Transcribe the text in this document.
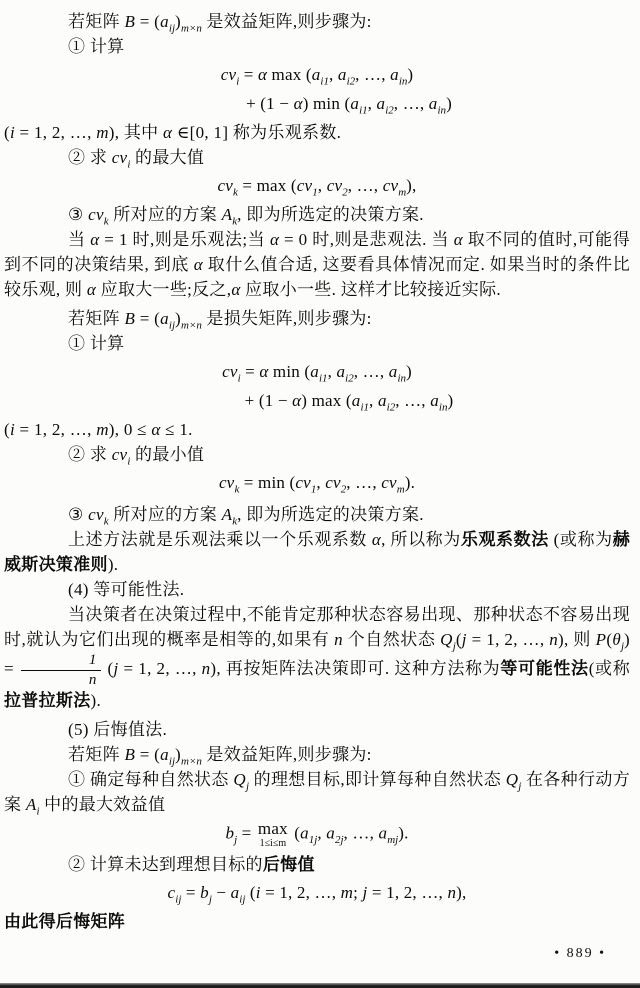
若矩阵 $B = (a_{ij})_{m\times n}$ 是效益矩阵,则步骤为:

① 计算

$cv_i = \alpha$ $\max (a_{i1}$, $a_{i2}$, …, $a_{in}$)
+ (1 − α) $\min (a_{i1}$, $a_{i2}$, …, $a_{in}$)

(i = 1, 2, …, m), 其中 α ∈[0, 1] 称为乐观系数.

② 求 $cv_i$ 的最大值

$cv_k = \max (cv_1$, $cv_2$, …, $cv_m$),

③ $cv_k$ 所对应的方案 $A_k$, 即为所选定的决策方案.

当 α = 1 时,则是乐观法;当 α = 0 时,则是悲观法. 当 α 取不同的值时,可能得到不同的决策结果, 到底 α 取什么值合适, 这要看具体情况而定. 如果当时的条件比较乐观, 则 α 应取大一些;反之,α 应取小一些. 这样才比较接近实际.

若矩阵 $B = (a_{ij})_{m\times n}$ 是损失矩阵,则步骤为:

① 计算

$cv_i = \alpha$ $\min (a_{i1}$, $a_{i2}$, …, $a_{in}$)
+ (1 − α) $\max (a_{i1}$, $a_{i2}$, …, $a_{in}$)

(i = 1, 2, …, m), 0 ≤ α ≤ 1.

② 求 $cv_i$ 的最小值

$cv_k = \min (cv_1$, $cv_2$, …, $cv_m$).

③ $cv_k$ 所对应的方案 $A_k$, 即为所选定的决策方案.

上述方法就是乐观法乘以一个乐观系数 α, 所以称为乐观系数法 (或称为赫威斯决策准则).

(4) 等可能性法.

当决策者在决策过程中,不能肯定那种状态容易出现、那种状态不容易出现时,就认为它们出现的概率是相等的,如果有 n 个自然状态 $Q_j(j = 1$, 2, …, n), 则 $P(\theta_j) = \frac{1}{n} (j = 1$, 2, …, n), 再按矩阵法决策即可. 这种方法称为等可能性法(或称拉普拉斯法).

(5) 后悔值法.

若矩阵 $B = (a_{ij})_{m\times n}$ 是效益矩阵,则步骤为:

① 确定每种自然状态 $Q_j$ 的理想目标,即计算每种自然状态 $Q_j$ 在各种行动方案 $A_i$ 中的最大效益值

$b_j = \max$
1≤i≤m
($a_{1j}$, $a_{2j}$, …, $a_{mj}$).

② 计算未达到理想目标的后悔值

$c_{ij} = b_j - a_{ij}$ (i = 1, 2, …, m; j = 1, 2, …, n),

由此得后悔矩阵

• 889 •
